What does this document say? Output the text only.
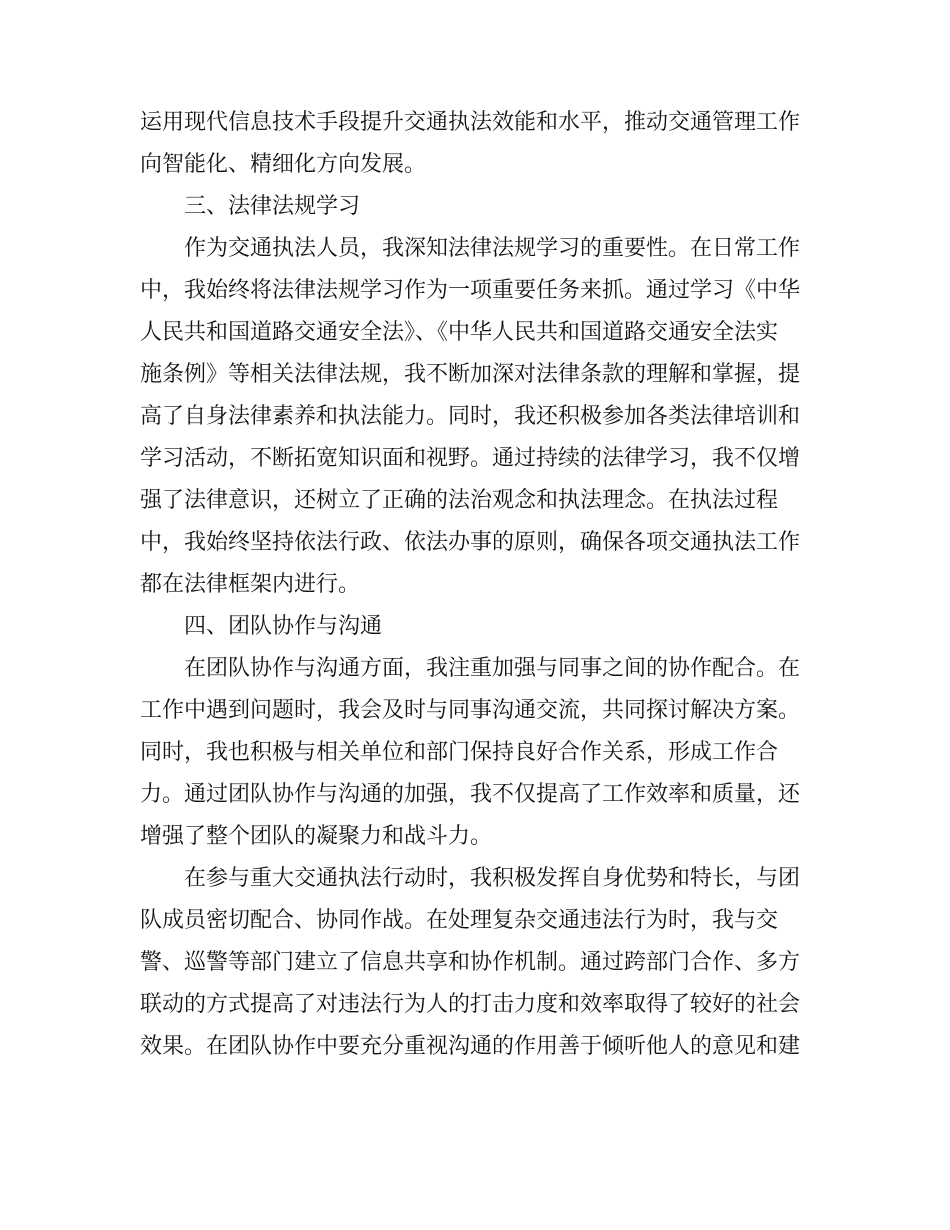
运用现代信息技术手段提升交通执法效能和水平，推动交通管理工作
向智能化、精细化方向发展。
三、法律法规学习
作为交通执法人员，我深知法律法规学习的重要性。在日常工作
中，我始终将法律法规学习作为一项重要任务来抓。通过学习《中华
人民共和国道路交通安全法》、《中华人民共和国道路交通安全法实
施条例》等相关法律法规，我不断加深对法律条款的理解和掌握，提
高了自身法律素养和执法能力。同时，我还积极参加各类法律培训和
学习活动，不断拓宽知识面和视野。通过持续的法律学习，我不仅增
强了法律意识，还树立了正确的法治观念和执法理念。在执法过程
中，我始终坚持依法行政、依法办事的原则，确保各项交通执法工作
都在法律框架内进行。
四、团队协作与沟通
在团队协作与沟通方面，我注重加强与同事之间的协作配合。在
工作中遇到问题时，我会及时与同事沟通交流，共同探讨解决方案。
同时，我也积极与相关单位和部门保持良好合作关系，形成工作合
力。通过团队协作与沟通的加强，我不仅提高了工作效率和质量，还
增强了整个团队的凝聚力和战斗力。
在参与重大交通执法行动时，我积极发挥自身优势和特长，与团
队成员密切配合、协同作战。在处理复杂交通违法行为时，我与交
警、巡警等部门建立了信息共享和协作机制。通过跨部门合作、多方
联动的方式提高了对违法行为人的打击力度和效率取得了较好的社会
效果。在团队协作中要充分重视沟通的作用善于倾听他人的意见和建
